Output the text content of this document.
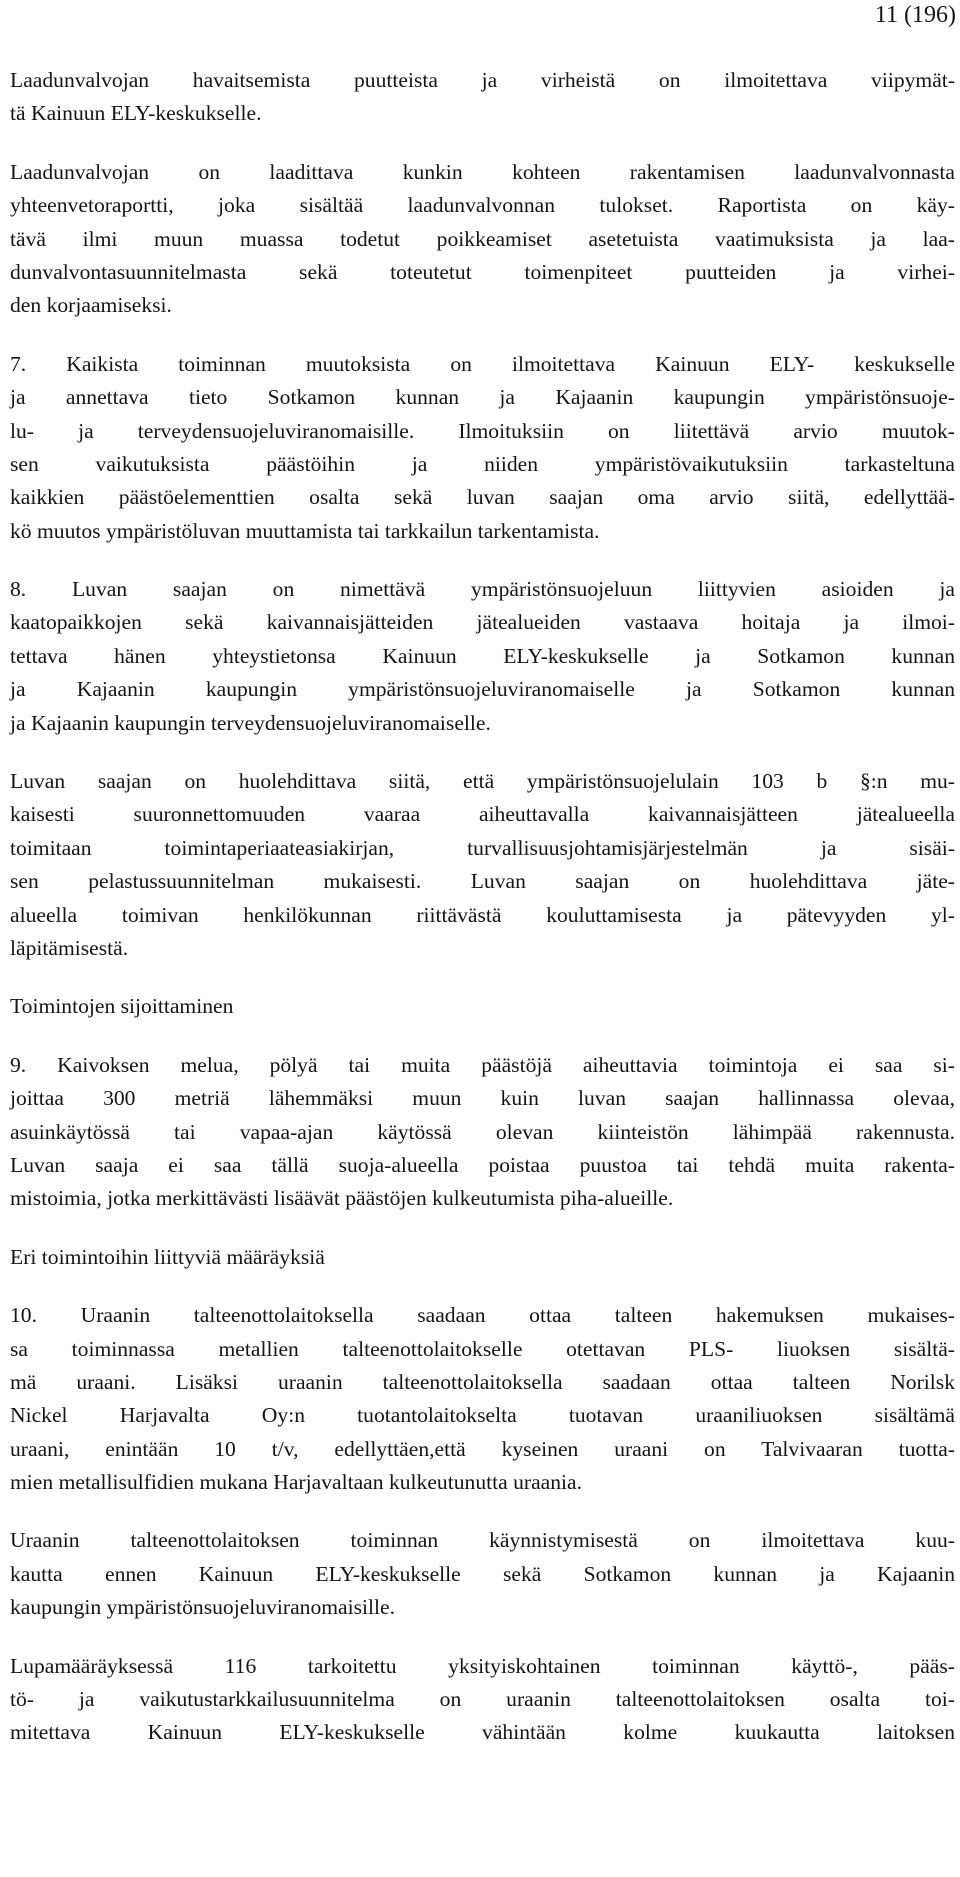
11 (196)
Laadunvalvojan havaitsemista puutteista ja virheistä on ilmoitettava viipymät-
tä Kainuun ELY-keskukselle.
Laadunvalvojan on laadittava kunkin kohteen rakentamisen laadunvalvonnasta
yhteenvetoraportti, joka sisältää laadunvalvonnan tulokset. Raportista on käy-
tävä ilmi muun muassa todetut poikkeamiset asetetuista vaatimuksista ja laa-
dunvalvontasuunnitelmasta sekä toteutetut toimenpiteet puutteiden ja virhei-
den korjaamiseksi.
7. Kaikista toiminnan muutoksista on ilmoitettava Kainuun ELY- keskukselle
ja annettava tieto Sotkamon kunnan ja Kajaanin kaupungin ympäristönsuoje-
lu- ja terveydensuojeluviranomaisille. Ilmoituksiin on liitettävä arvio muutok-
sen vaikutuksista päästöihin ja niiden ympäristövaikutuksiin tarkasteltuna
kaikkien päästöelementtien osalta sekä luvan saajan oma arvio siitä, edellyttää-
kö muutos ympäristöluvan muuttamista tai tarkkailun tarkentamista.
8. Luvan saajan on nimettävä ympäristönsuojeluun liittyvien asioiden ja
kaatopaikkojen sekä kaivannaisjätteiden jätealueiden vastaava hoitaja ja ilmoi-
tettava hänen yhteystietonsa Kainuun ELY-keskukselle ja Sotkamon kunnan
ja Kajaanin kaupungin ympäristönsuojeluviranomaiselle ja Sotkamon kunnan
ja Kajaanin kaupungin terveydensuojeluviranomaiselle.
Luvan saajan on huolehdittava siitä, että ympäristönsuojelulain 103 b §:n mu-
kaisesti suuronnettomuuden vaaraa aiheuttavalla kaivannaisjätteen jätealueella
toimitaan toimintaperiaateasiakirjan, turvallisuusjohtamisjärjestelmän ja sisäi-
sen pelastussuunnitelman mukaisesti. Luvan saajan on huolehdittava jäte-
alueella toimivan henkilökunnan riittävästä kouluttamisesta ja pätevyyden yl-
läpitämisestä.
Toimintojen sijoittaminen
9. Kaivoksen melua, pölyä tai muita päästöjä aiheuttavia toimintoja ei saa si-
joittaa 300 metriä lähemmäksi muun kuin luvan saajan hallinnassa olevaa,
asuinkäytössä tai vapaa-ajan käytössä olevan kiinteistön lähimpää rakennusta.
Luvan saaja ei saa tällä suoja-alueella poistaa puustoa tai tehdä muita rakenta-
mistoimia, jotka merkittävästi lisäävät päästöjen kulkeutumista piha-alueille.
Eri toimintoihin liittyviä määräyksiä
10. Uraanin talteenottolaitoksella saadaan ottaa talteen hakemuksen mukaises-
sa toiminnassa metallien talteenottolaitokselle otettavan PLS- liuoksen sisältä-
mä uraani. Lisäksi uraanin talteenottolaitoksella saadaan ottaa talteen Norilsk
Nickel Harjavalta Oy:n tuotantolaitokselta tuotavan uraaniliuoksen sisältämä
uraani, enintään 10 t/v, edellyttäen,että kyseinen uraani on Talvivaaran tuotta-
mien metallisulfidien mukana Harjavaltaan kulkeutunutta uraania.
Uraanin talteenottolaitoksen toiminnan käynnistymisestä on ilmoitettava kuu-
kautta ennen Kainuun ELY-keskukselle sekä Sotkamon kunnan ja Kajaanin
kaupungin ympäristönsuojeluviranomaisille.
Lupamääräyksessä 116 tarkoitettu yksityiskohtainen toiminnan käyttö-, pääs-
tö- ja vaikutustarkkailusuunnitelma on uraanin talteenottolaitoksen osalta toi-
mitettava Kainuun ELY-keskukselle vähintään kolme kuukautta laitoksen
